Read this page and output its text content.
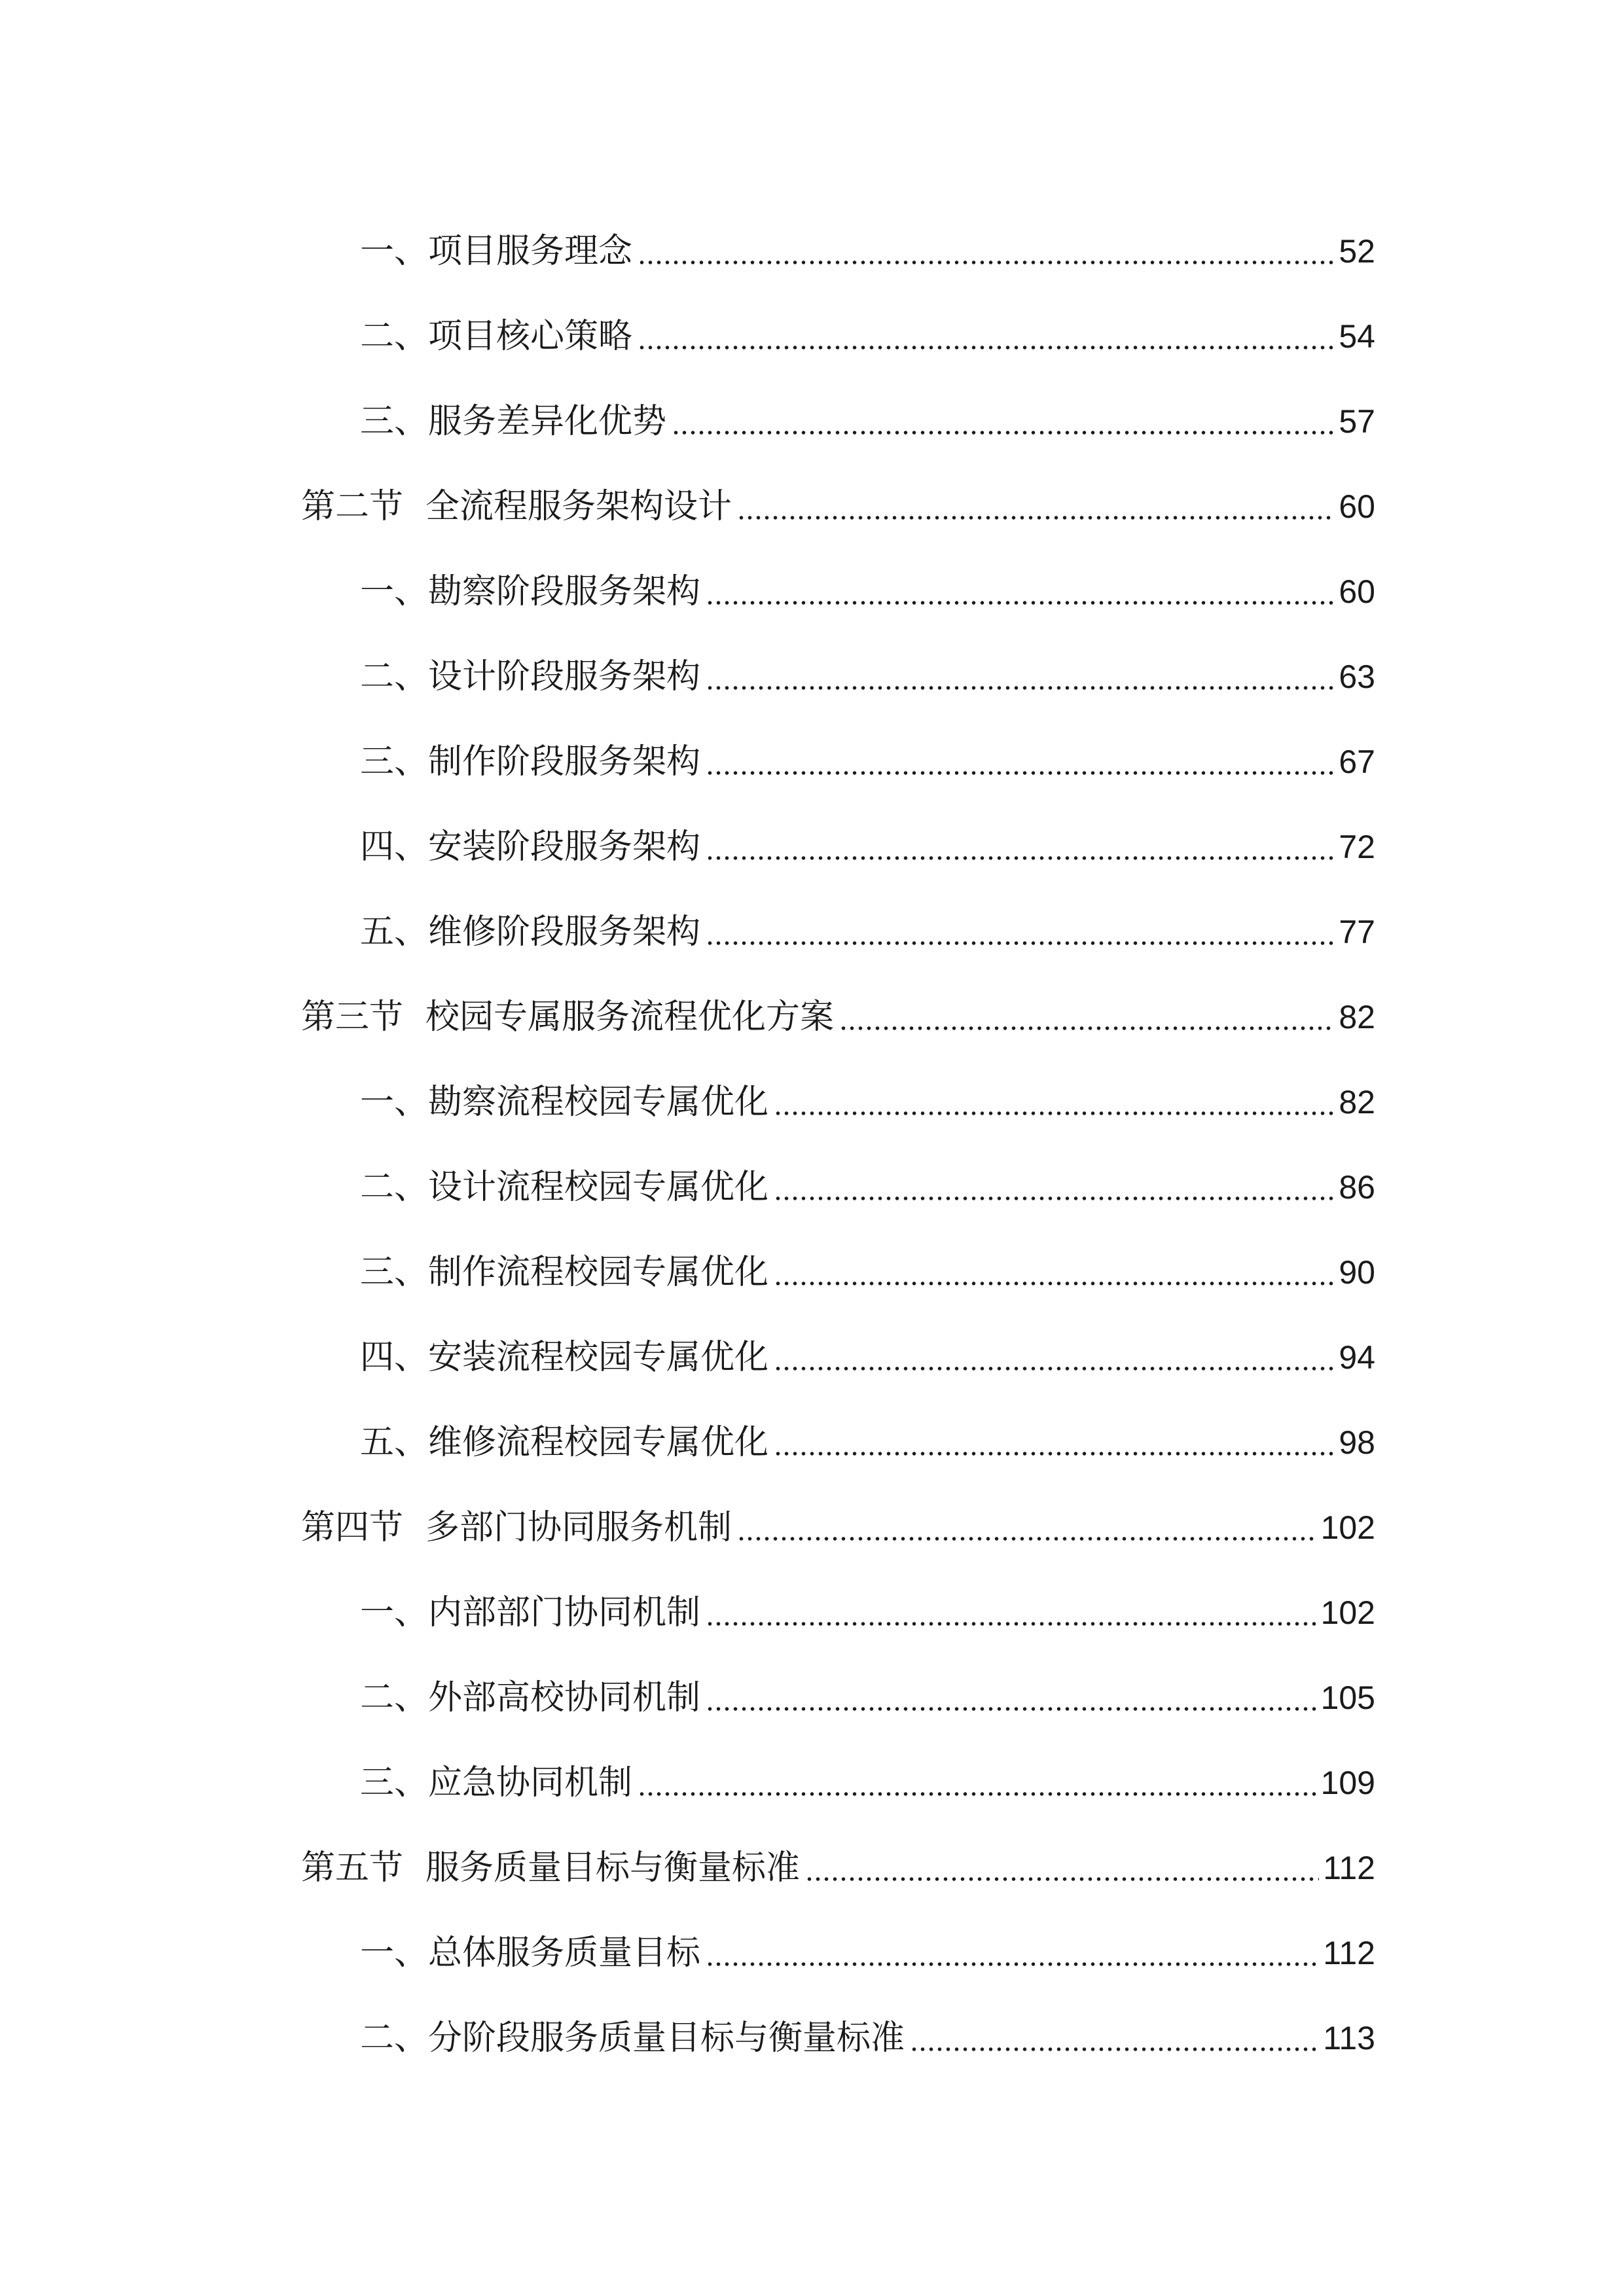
一、项目服务理念	52
二、项目核心策略	54
三、服务差异化优势	57
第二节 全流程服务架构设计	60
一、勘察阶段服务架构	60
二、设计阶段服务架构	63
三、制作阶段服务架构	67
四、安装阶段服务架构	72
五、维修阶段服务架构	77
第三节 校园专属服务流程优化方案	82
一、勘察流程校园专属优化	82
二、设计流程校园专属优化	86
三、制作流程校园专属优化	90
四、安装流程校园专属优化	94
五、维修流程校园专属优化	98
第四节 多部门协同服务机制	102
一、内部部门协同机制	102
二、外部高校协同机制	105
三、应急协同机制	109
第五节 服务质量目标与衡量标准	112
一、总体服务质量目标	112
二、分阶段服务质量目标与衡量标准	113
